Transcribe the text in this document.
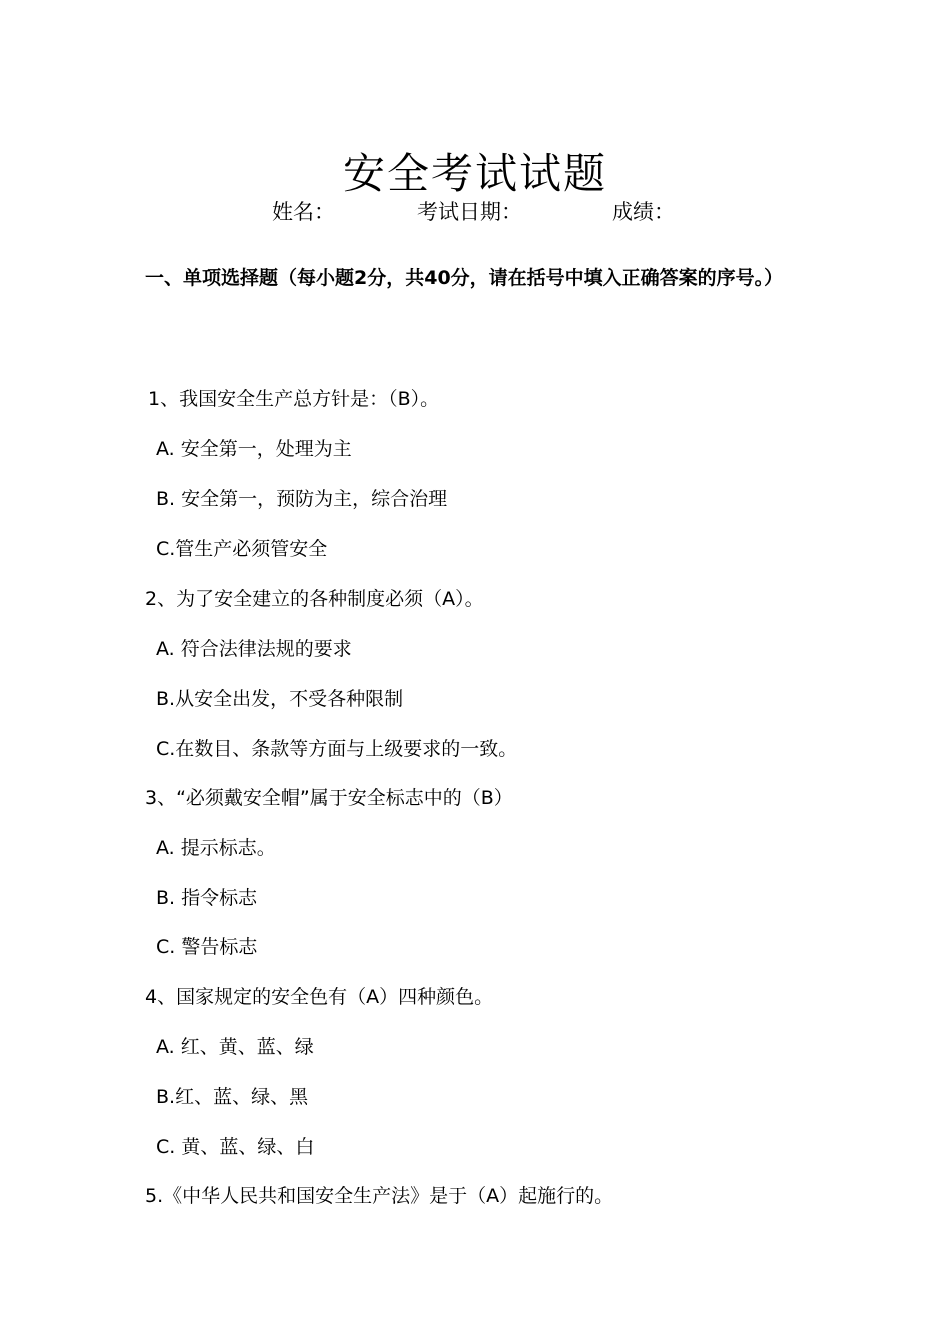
安全考试试题
姓名：	考试日期：	成绩：

一、单项选择题（每小题2分，共40分，请在括号中填入正确答案的序号。）

1、我国安全生产总方针是：（B）。
A. 安全第一，处理为主
B. 安全第一，预防为主，综合治理
C.管生产必须管安全
2、为了安全建立的各种制度必须（A）。
A. 符合法律法规的要求
B.从安全出发，不受各种限制
C.在数目、条款等方面与上级要求的一致。
3、“必须戴安全帽”属于安全标志中的（B）
A. 提示标志。
B. 指令标志
C. 警告标志
4、国家规定的安全色有（A）四种颜色。
A. 红、黄、蓝、绿
B.红、蓝、绿、黑
C. 黄、蓝、绿、白
5.《中华人民共和国安全生产法》是于（A）起施行的。
